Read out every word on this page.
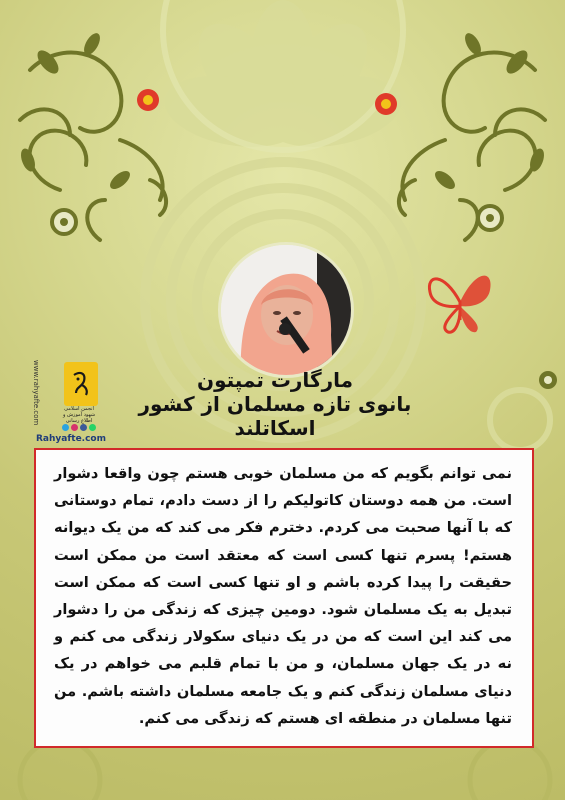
www.rahyafte.com	انجمن اسلامی شهود آموزش و اطلاع رسانی
Rahyafte.com
مارگارت تمپتون
بانوی تازه مسلمان از کشور اسکاتلند

نمی توانم بگویم که من مسلمان خوبی هستم چون واقعا دشوار است. من همه دوستان کاتولیکم را از دست دادم، تمام دوستانی که با آنها صحبت می کردم. دخترم فکر می کند که من یک دیوانه هستم! پسرم تنها کسی است که معتقد است من ممکن است حقیقت را پیدا کرده باشم و او تنها کسی است که ممکن است تبدیل به یک مسلمان شود. دومین چیزی که زندگی من را دشوار می کند این است که من در یک دنیای سکولار زندگی می کنم و نه در یک جهان مسلمان، و من با تمام قلبم می خواهم در یک دنیای مسلمان زندگی کنم و یک جامعه مسلمان داشته باشم. من تنها مسلمان در منطقه ای هستم که زندگی می کنم.
